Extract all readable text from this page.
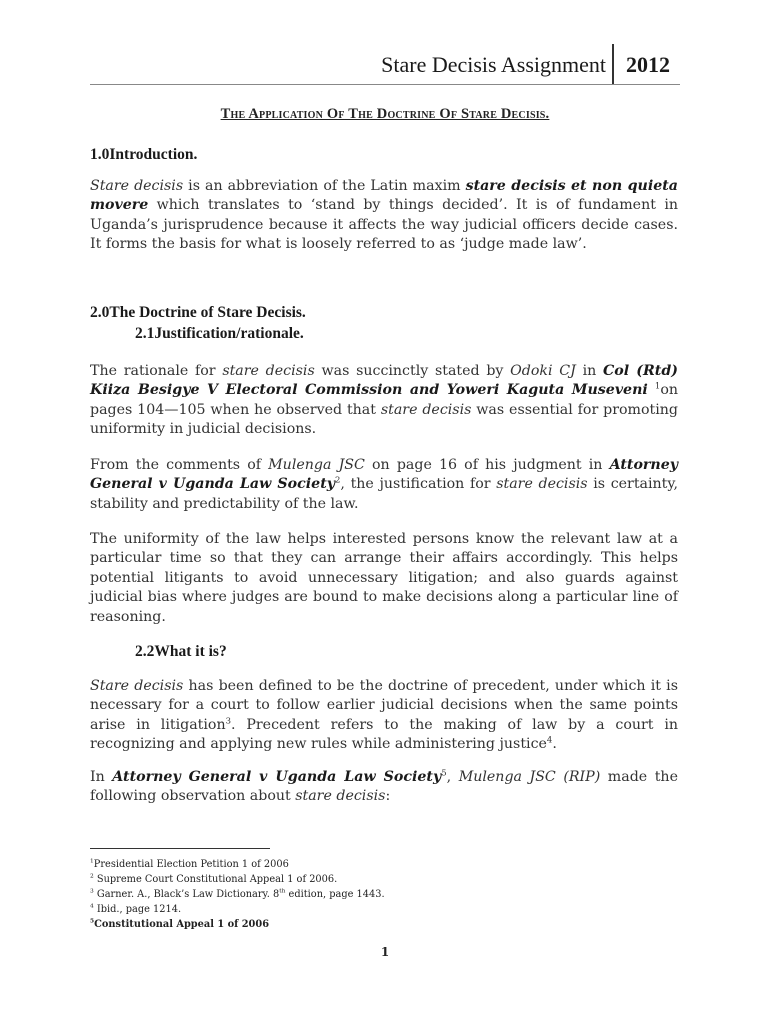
Stare Decisis Assignment 2012
The Application Of The Doctrine Of Stare Decisis.
1.0Introduction.
Stare decisis is an abbreviation of the Latin maxim stare decisis et non quieta movere which translates to ‘stand by things decided’. It is of fundament in Uganda’s jurisprudence because it affects the way judicial officers decide cases. It forms the basis for what is loosely referred to as ‘judge made law’.
2.0The Doctrine of Stare Decisis.
2.1Justification/rationale.
The rationale for stare decisis was succinctly stated by Odoki CJ in Col (Rtd) Kiiza Besigye V Electoral Commission and Yoweri Kaguta Museveni $^1$on pages 104—105 when he observed that stare decisis was essential for promoting uniformity in judicial decisions.
From the comments of Mulenga JSC on page 16 of his judgment in Attorney General v Uganda Law Society$^2$, the justification for stare decisis is certainty, stability and predictability of the law.
The uniformity of the law helps interested persons know the relevant law at a particular time so that they can arrange their affairs accordingly. This helps potential litigants to avoid unnecessary litigation; and also guards against judicial bias where judges are bound to make decisions along a particular line of reasoning.
2.2What it is?
Stare decisis has been defined to be the doctrine of precedent, under which it is necessary for a court to follow earlier judicial decisions when the same points arise in litigation$^3$. Precedent refers to the making of law by a court in recognizing and applying new rules while administering justice$^4$.
In Attorney General v Uganda Law Society$^5$, Mulenga JSC (RIP) made the following observation about stare decisis:
$^1$Presidential Election Petition 1 of 2006
$^2$ Supreme Court Constitutional Appeal 1 of 2006.
$^3$ Garner. A., Black’s Law Dictionary. 8th edition, page 1443.
$^4$ Ibid., page 1214.
$^5$Constitutional Appeal 1 of 2006
1
